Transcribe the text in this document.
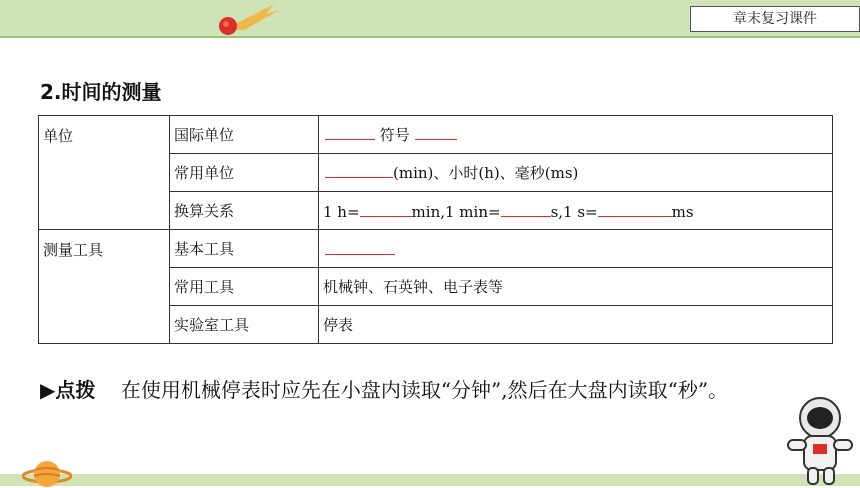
章末复习课件
2.时间的测量
单位	国际单位	符号
	常用单位	(min)、小时(h)、毫秒(ms)
	换算关系	1 h= min,1 min= s,1 s= ms
测量工具	基本工具	
	常用工具	机械钟、石英钟、电子表等
	实验室工具	停表
▶点拨 在使用机械停表时应先在小盘内读取“分钟”,然后在大盘内读取“秒”。
